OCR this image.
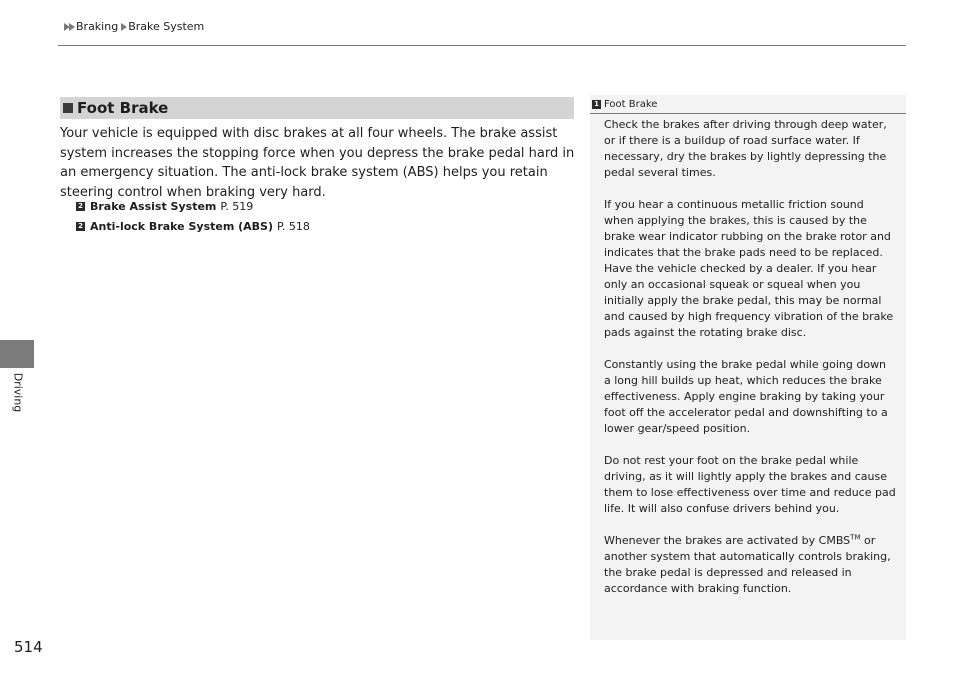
Braking Brake System
Driving
Foot Brake

Your vehicle is equipped with disc brakes at all four wheels. The brake assist system increases the stopping force when you depress the brake pedal hard in an emergency situation. The anti-lock brake system (ABS) helps you retain steering control when braking very hard.

2 Brake Assist System P. 519
2 Anti-lock Brake System (ABS) P. 518
1 Foot Brake

Check the brakes after driving through deep water, or if there is a buildup of road surface water. If necessary, dry the brakes by lightly depressing the pedal several times.

If you hear a continuous metallic friction sound when applying the brakes, this is caused by the brake wear indicator rubbing on the brake rotor and indicates that the brake pads need to be replaced. Have the vehicle checked by a dealer. If you hear only an occasional squeak or squeal when you initially apply the brake pedal, this may be normal and caused by high frequency vibration of the brake pads against the rotating brake disc.

Constantly using the brake pedal while going down a long hill builds up heat, which reduces the brake effectiveness. Apply engine braking by taking your foot off the accelerator pedal and downshifting to a lower gear/speed position.

Do not rest your foot on the brake pedal while driving, as it will lightly apply the brakes and cause them to lose effectiveness over time and reduce pad life. It will also confuse drivers behind you.

Whenever the brakes are activated by CMBS™ or another system that automatically controls braking, the brake pedal is depressed and released in accordance with braking function.

514
